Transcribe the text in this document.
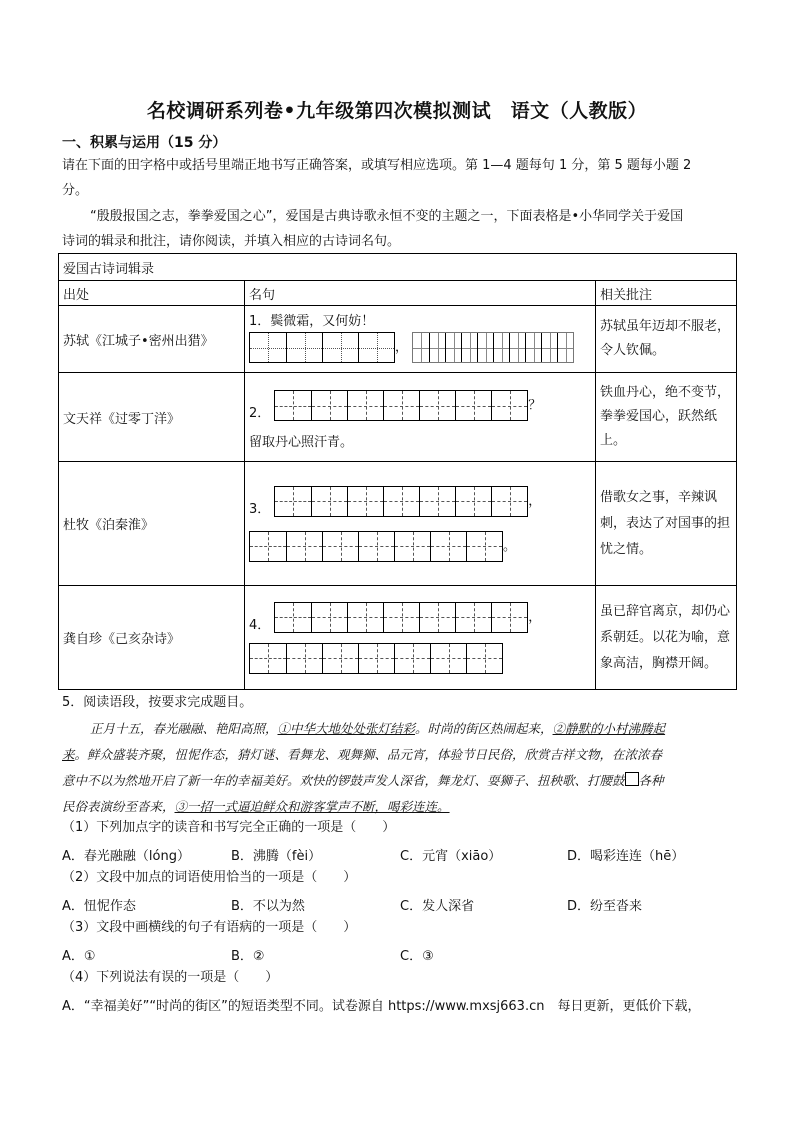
名校调研系列卷•九年级第四次模拟测试　语文（人教版）
一、积累与运用（15 分）
请在下面的田字格中或括号里端正地书写正确答案，或填写相应选项。第 1—4 题每句 1 分，第 5 题每小题 2
分。
“殷殷报国之志，拳拳爱国之心”，爱国是古典诗歌永恒不变的主题之一，下面表格是•小华同学关于爱国
诗词的辑录和批注，请你阅读，并填入相应的古诗词名句。
爱国古诗词辑录		
出处	名句	相关批注
苏轼《江城子•密州出猎》	1．鬓微霜，又何妨！
，	苏轼虽年迈却不服老，令人钦佩。
文天祥《过零丁洋》	2．
？
留取丹心照汗青。	铁血丹心，绝不变节，拳拳爱国心，跃然纸上。
杜牧《泊秦淮》	3．
，
。	借歌女之事，辛辣讽刺，表达了对国事的担忧之情。
龚自珍《己亥杂诗》	4．
，	虽已辞官离京，却仍心系朝廷。以花为喻，意象高洁，胸襟开阔。
5．阅读语段，按要求完成题目。
正月十五，春光融融、艳阳高照，①中华大地处处张灯结彩。时尚的街区热闹起来，②静默的小村沸腾起
来。鲜众盛装齐聚，忸怩作态，猜灯谜、看舞龙、观舞狮、品元宵，体验节日民俗，欣赏吉祥文物，在浓浓春
意中不以为然地开启了新一年的幸福美好。欢快的锣鼓声发人深省，舞龙灯、耍狮子、扭秧歌、打腰鼓 各种
民俗表演纷至沓来，③一招一式逼迫鲜众和游客掌声不断，喝彩连连。
（1）下列加点字的读音和书写完全正确的一项是（　　）
A．春光融融（lóng）	B．沸腾（fèi）	C．元宵（xiāo）	D．喝彩连连（hē）
（2）文段中加点的词语使用恰当的一项是（　　）
A．忸怩作态	B．不以为然	C．发人深省	D．纷至沓来
（3）文段中画横线的句子有语病的一项是（　　）
A．①	B．②	C．③
（4）下列说法有误的一项是（　　）
A．“幸福美好”“时尚的街区”的短语类型不同。试卷源自 https://www.mxsj663.cn　每日更新，更低价下载，
